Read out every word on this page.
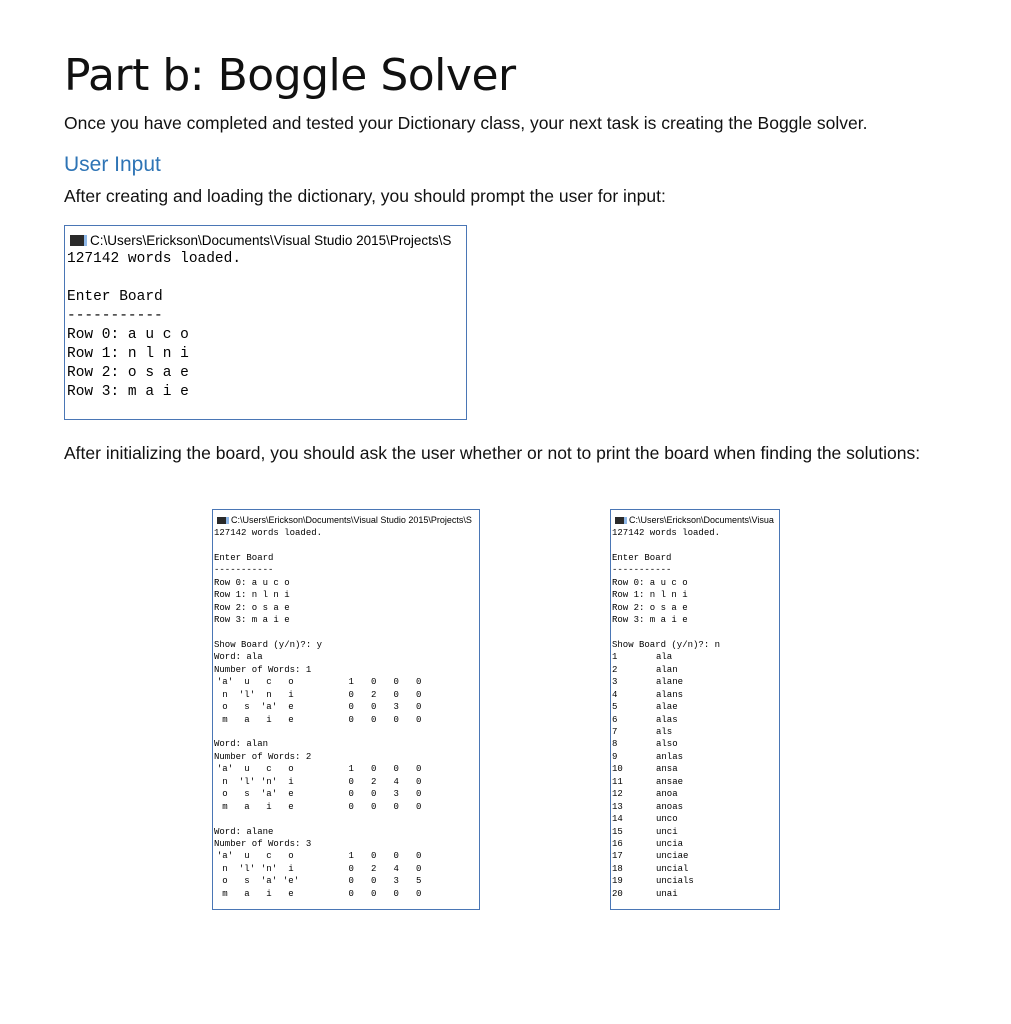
Part b: Boggle Solver

Once you have completed and tested your Dictionary class, your next task is creating the Boggle solver.

User Input

After creating and loading the dictionary, you should prompt the user for input:

C:\Users\Erickson\Documents\Visual Studio 2015\Projects\S
127142 words loaded.

Enter Board
-----------
Row 0: a u c o
Row 1: n l n i
Row 2: o s a e
Row 3: m a i e

After initializing the board, you should ask the user whether or not to print the board when finding the solutions:

C:\Users\Erickson\Documents\Visual Studio 2015\Projects\S
127142 words loaded.

Enter Board
-----------
Row 0: a u c o
Row 1: n l n i
Row 2: o s a e
Row 3: m a i e

Show Board (y/n)?: y
Word: ala
Number of Words: 1
'a' u c o	1 0 0 0
n 'l' n i	0 2 0 0
o s 'a' e	0 0 3 0
m a i e	0 0 0 0

Word: alan
Number of Words: 2
'a' u c o	1 0 0 0
n 'l' 'n' i	0 2 4 0
o s 'a' e	0 0 3 0
m a i e	0 0 0 0

Word: alane
Number of Words: 3
'a' u c o	1 0 0 0
n 'l' 'n' i	0 2 4 0
o s 'a' 'e'	0 0 3 5
m a i e	0 0 0 0
C:\Users\Erickson\Documents\Visua
127142 words loaded.

Enter Board
-----------
Row 0: a u c o
Row 1: n l n i
Row 2: o s a e
Row 3: m a i e

Show Board (y/n)?: n
1	ala
2	alan
3	alane
4	alans
5	alae
6	alas
7	als
8	also
9	anlas
10	ansa
11	ansae
12	anoa
13	anoas
14	unco
15	unci
16	uncia
17	unciae
18	uncial
19	uncials
20	unai
